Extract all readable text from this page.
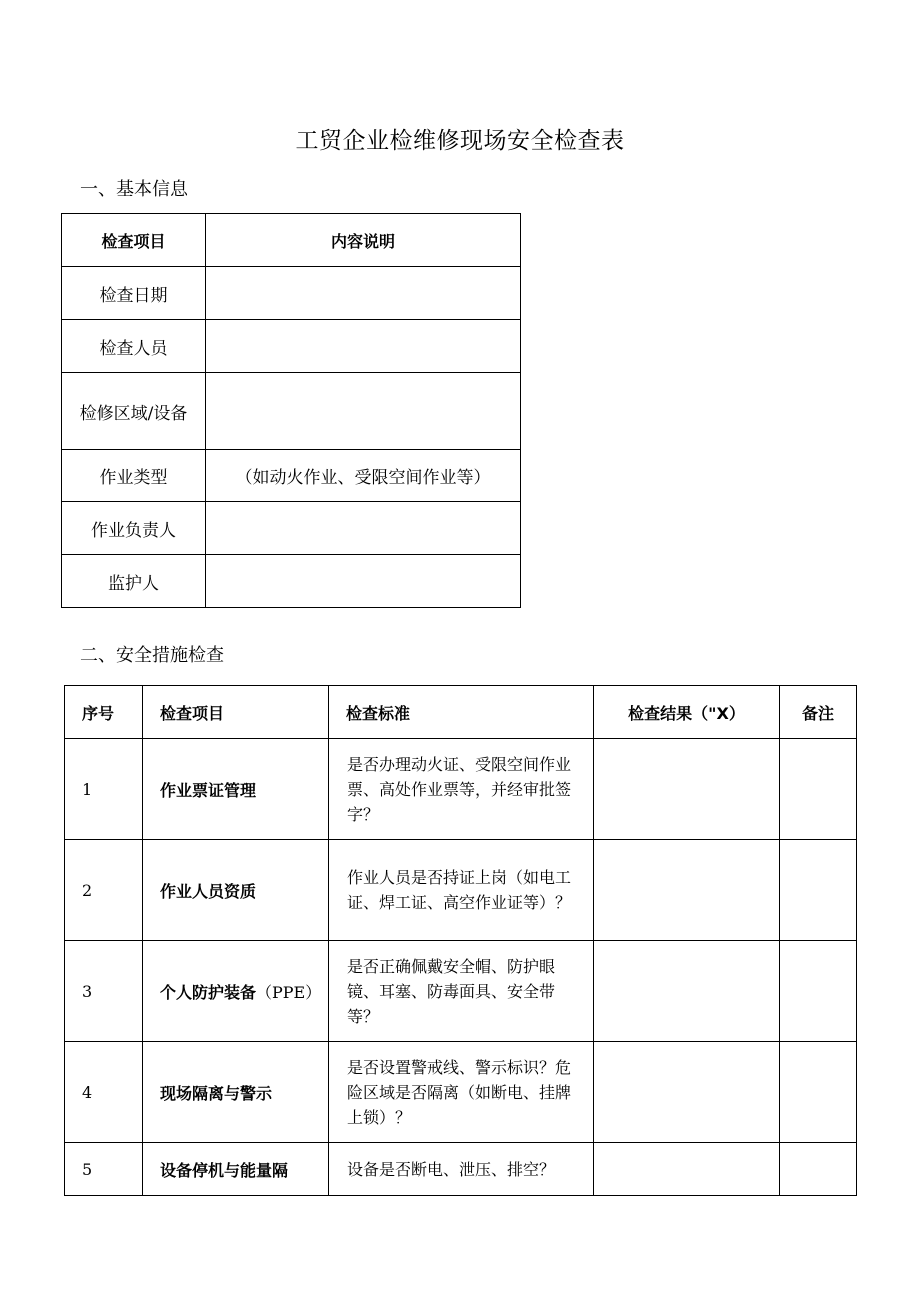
工贸企业检维修现场安全检查表
一、基本信息
检查项目	内容说明
检查日期	
检查人员	
检修区域/设备	
作业类型	（如动火作业、受限空间作业等）
作业负责人	
监护人	
二、安全措施检查
序号	检查项目	检查标准	检查结果（"X）	备注
1	作业票证管理	是否办理动火证、受限空间作业票、高处作业票等，并经审批签字？		
2	作业人员资质	作业人员是否持证上岗（如电工证、焊工证、高空作业证等）？		
3	个人防护装备（PPE）	是否正确佩戴安全帽、防护眼镜、耳塞、防毒面具、安全带等？		
4	现场隔离与警示	是否设置警戒线、警示标识？危险区域是否隔离（如断电、挂牌上锁）？		
5	设备停机与能量隔	设备是否断电、泄压、排空？		
